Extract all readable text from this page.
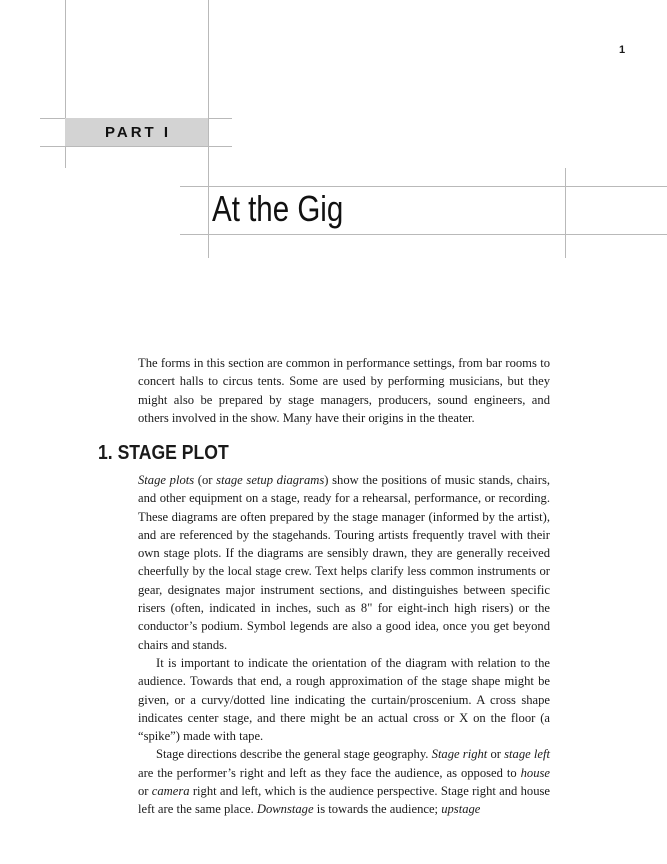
1
PART I
At the Gig

The forms in this section are common in performance settings, from bar rooms to concert halls to circus tents. Some are used by performing musicians, but they might also be prepared by stage managers, producers, sound engineers, and others involved in the show. Many have their origins in the theater.

1. STAGE PLOT

Stage plots (or stage setup diagrams) show the positions of music stands, chairs, and other equipment on a stage, ready for a rehearsal, performance, or recording. These diagrams are often prepared by the stage manager (informed by the artist), and are referenced by the stagehands. Touring artists frequently travel with their own stage plots. If the diagrams are sensibly drawn, they are generally received cheerfully by the local stage crew. Text helps clarify less common instruments or gear, designates major instrument sections, and distinguishes between specific risers (often, indicated in inches, such as 8" for eight-inch high risers) or the conductor’s podium. Symbol legends are also a good idea, once you get beyond chairs and stands.

It is important to indicate the orientation of the diagram with relation to the audience. Towards that end, a rough approximation of the stage shape might be given, or a curvy/dotted line indicating the curtain/proscenium. A cross shape indicates center stage, and there might be an actual cross or X on the floor (a “spike”) made with tape.

Stage directions describe the general stage geography. Stage right or stage left are the performer’s right and left as they face the audience, as opposed to house or camera right and left, which is the audience perspective. Stage right and house left are the same place. Downstage is towards the audience; upstage
